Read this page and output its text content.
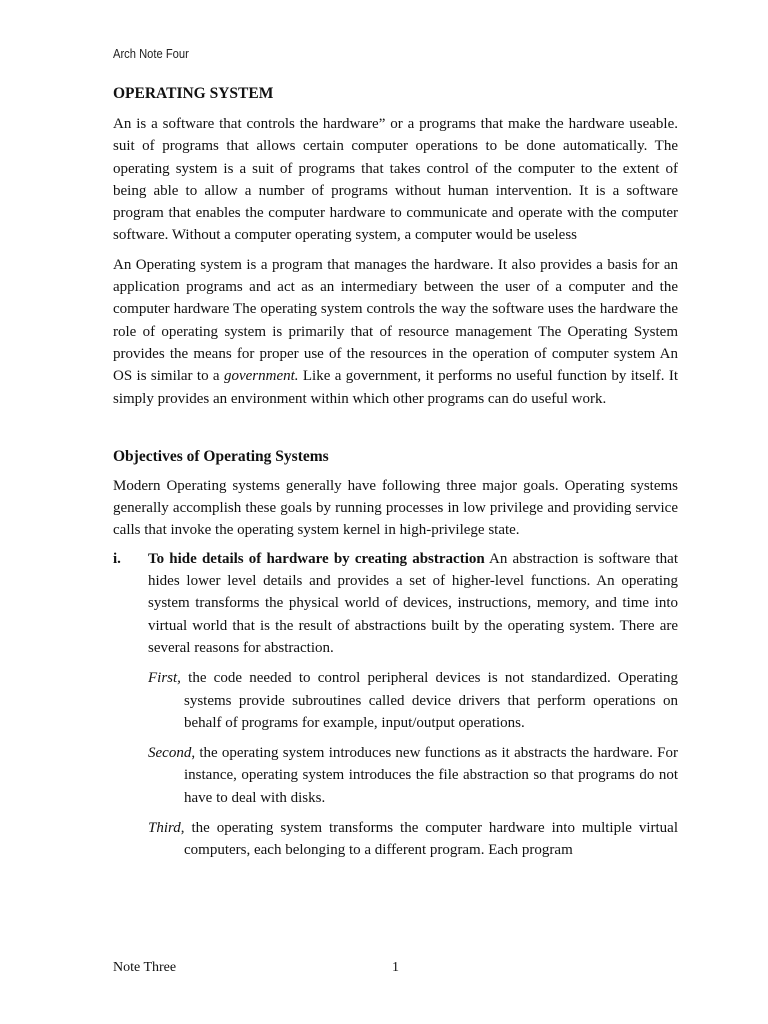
Arch Note Four
OPERATING SYSTEM

An is a software that controls the hardware” or a programs that make the hardware useable. suit of programs that allows certain computer operations to be done automatically. The operating system is a suit of programs that takes control of the computer to the extent of being able to allow a number of programs without human intervention. It is a software program that enables the computer hardware to communicate and operate with the computer software. Without a computer operating system, a computer would be useless

An Operating system is a program that manages the hardware. It also provides a basis for an application programs and act as an intermediary between the user of a computer and the computer hardware The operating system controls the way the software uses the hardware the role of operating system is primarily that of resource management The Operating System provides the means for proper use of the resources in the operation of computer system An OS is similar to a government. Like a government, it performs no useful function by itself. It simply provides an environment within which other programs can do useful work.

Objectives of Operating Systems

Modern Operating systems generally have following three major goals. Operating systems generally accomplish these goals by running processes in low privilege and providing service calls that invoke the operating system kernel in high-privilege state.

i. To hide details of hardware by creating abstraction An abstraction is software that hides lower level details and provides a set of higher-level functions. An operating system transforms the physical world of devices, instructions, memory, and time into virtual world that is the result of abstractions built by the operating system. There are several reasons for abstraction.
First, the code needed to control peripheral devices is not standardized. Operating systems provide subroutines called device drivers that perform operations on behalf of programs for example, input/output operations.
Second, the operating system introduces new functions as it abstracts the hardware. For instance, operating system introduces the file abstraction so that programs do not have to deal with disks.
Third, the operating system transforms the computer hardware into multiple virtual computers, each belonging to a different program. Each program
Note Three	1
